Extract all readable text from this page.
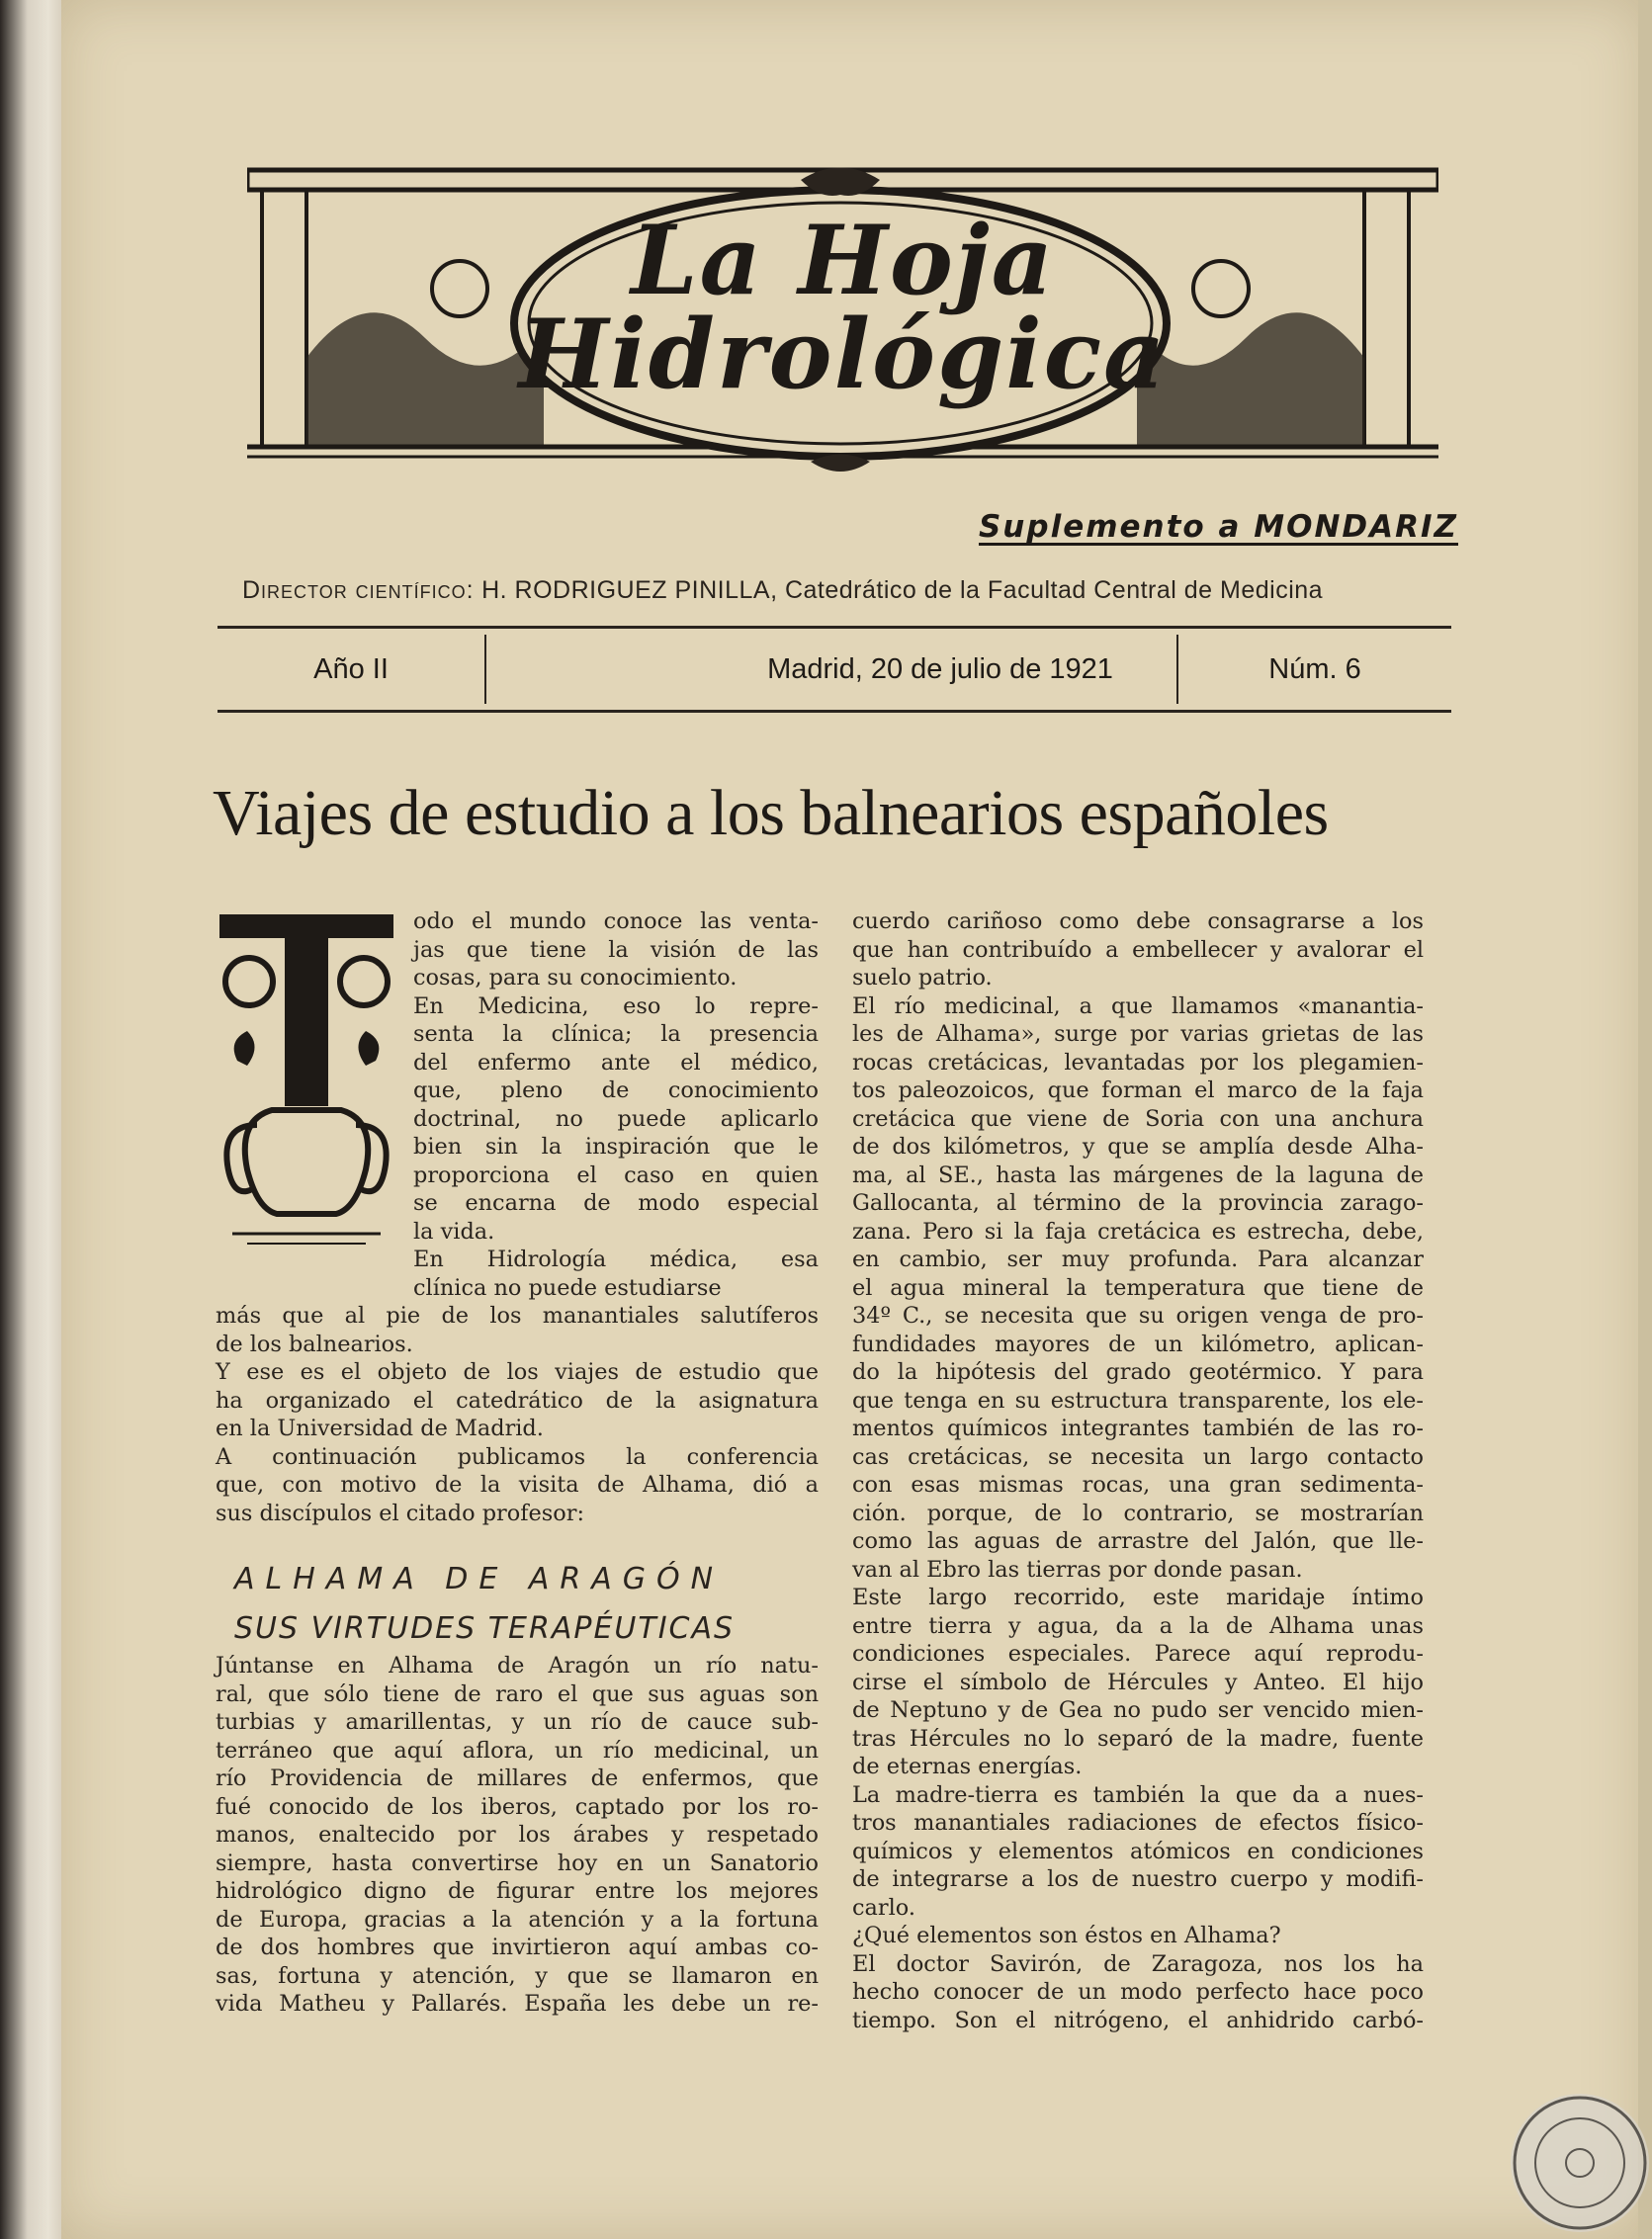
La Hoja
Hidrológica
Suplemento a MONDARIZ
Director científico: H. RODRIGUEZ PINILLA, Catedrático de la Facultad Central de Medicina
Año II	Madrid, 20 de julio de 1921	Núm. 6
Viajes de estudio a los balnearios españoles
odo el mundo conoce las venta-
jas que tiene la visión de las
cosas, para su conocimiento.
En Medicina, eso lo repre-
senta la clínica; la presencia
del enfermo ante el médico,
que, pleno de conocimiento
doctrinal, no puede aplicarlo
bien sin la inspiración que le
proporciona el caso en quien
se encarna de modo especial
la vida.
En Hidrología médica, esa
clínica no puede estudiarse
más que al pie de los manantiales salutíferos
de los balnearios.
Y ese es el objeto de los viajes de estudio que
ha organizado el catedrático de la asignatura
en la Universidad de Madrid.
A continuación publicamos la conferencia
que, con motivo de la visita de Alhama, dió a
sus discípulos el citado profesor:
Júntanse en Alhama de Aragón un río natu-
ral, que sólo tiene de raro el que sus aguas son
turbias y amarillentas, y un río de cauce sub-
terráneo que aquí aflora, un río medicinal, un
río Providencia de millares de enfermos, que
fué conocido de los iberos, captado por los ro-
manos, enaltecido por los árabes y respetado
siempre, hasta convertirse hoy en un Sanatorio
hidrológico digno de figurar entre los mejores
de Europa, gracias a la atención y a la fortuna
de dos hombres que invirtieron aquí ambas co-
sas, fortuna y atención, y que se llamaron en
vida Matheu y Pallarés. España les debe un re-
ALHAMA DE ARAGÓN
SUS VIRTUDES TERAPÉUTICAS
cuerdo cariñoso como debe consagrarse a los
que han contribuído a embellecer y avalorar el
suelo patrio.
El río medicinal, a que llamamos «manantia-
les de Alhama», surge por varias grietas de las
rocas cretácicas, levantadas por los plegamien-
tos paleozoicos, que forman el marco de la faja
cretácica que viene de Soria con una anchura
de dos kilómetros, y que se amplía desde Alha-
ma, al SE., hasta las márgenes de la laguna de
Gallocanta, al término de la provincia zarago-
zana. Pero si la faja cretácica es estrecha, debe,
en cambio, ser muy profunda. Para alcanzar
el agua mineral la temperatura que tiene de
34º C., se necesita que su origen venga de pro-
fundidades mayores de un kilómetro, aplican-
do la hipótesis del grado geotérmico. Y para
que tenga en su estructura transparente, los ele-
mentos químicos integrantes también de las ro-
cas cretácicas, se necesita un largo contacto
con esas mismas rocas, una gran sedimenta-
ción. porque, de lo contrario, se mostrarían
como las aguas de arrastre del Jalón, que lle-
van al Ebro las tierras por donde pasan.
Este largo recorrido, este maridaje íntimo
entre tierra y agua, da a la de Alhama unas
condiciones especiales. Parece aquí reprodu-
cirse el símbolo de Hércules y Anteo. El hijo
de Neptuno y de Gea no pudo ser vencido mien-
tras Hércules no lo separó de la madre, fuente
de eternas energías.
La madre-tierra es también la que da a nues-
tros manantiales radiaciones de efectos físico-
químicos y elementos atómicos en condiciones
de integrarse a los de nuestro cuerpo y modifi-
carlo.
¿Qué elementos son éstos en Alhama?
El doctor Savirón, de Zaragoza, nos los ha
hecho conocer de un modo perfecto hace poco
tiempo. Son el nitrógeno, el anhidrido carbó-
